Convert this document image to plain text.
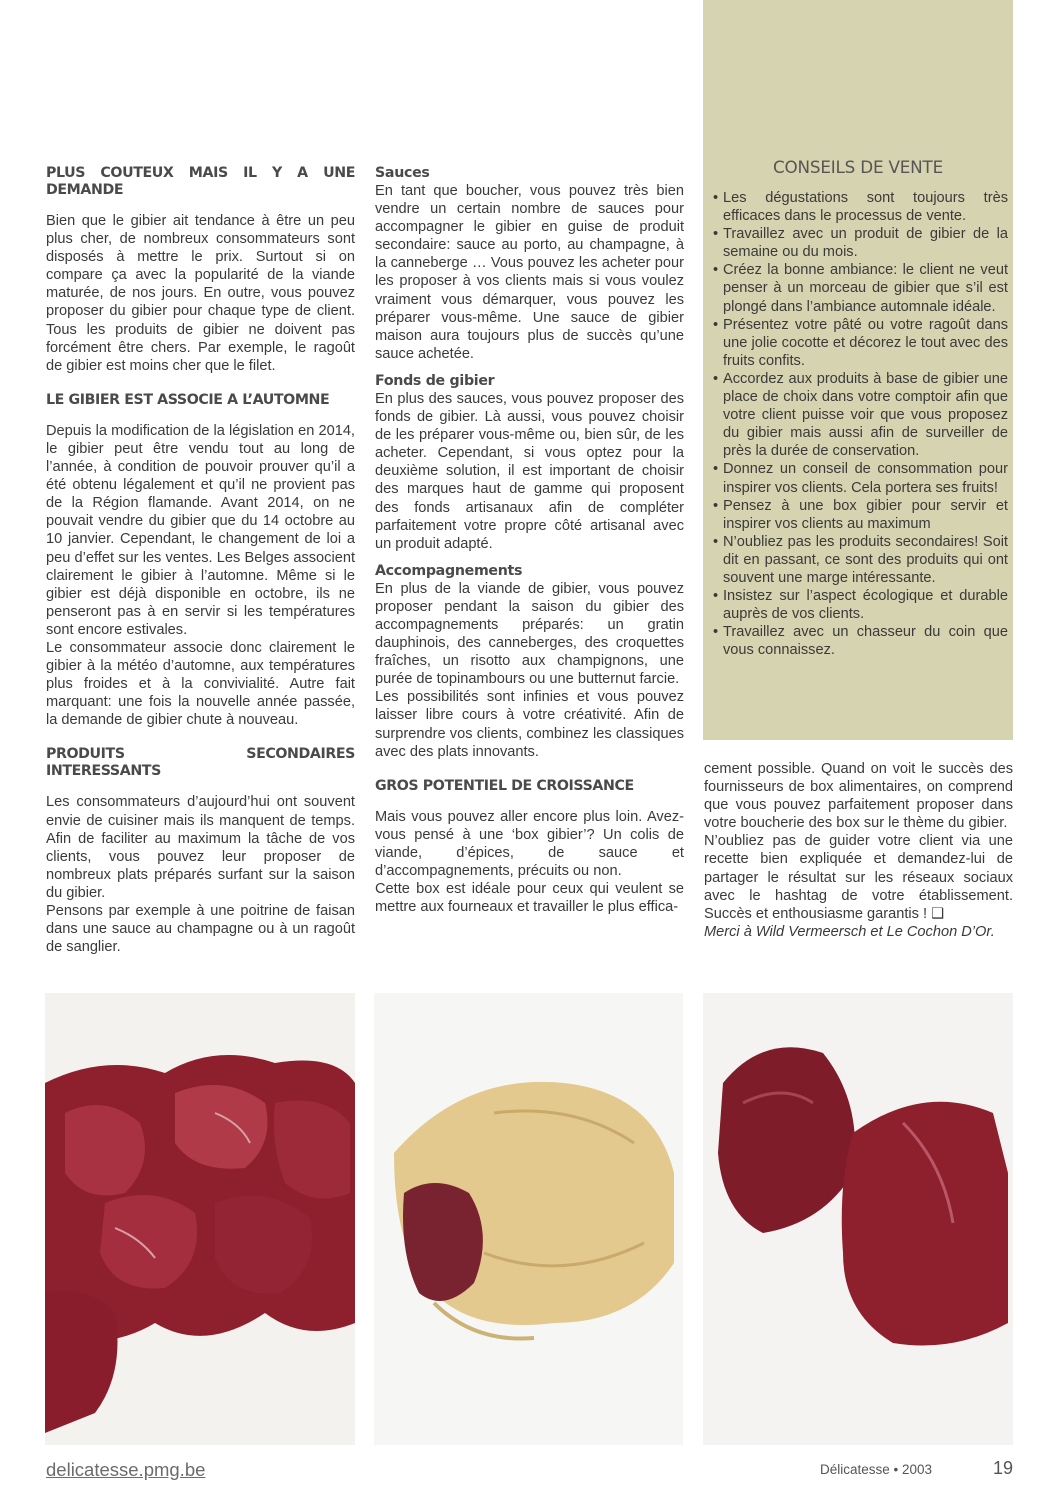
PLUS COUTEUX MAIS IL Y A UNE DEMANDE

Bien que le gibier ait tendance à être un peu plus cher, de nombreux consommateurs sont disposés à mettre le prix. Surtout si on compare ça avec la popularité de la viande maturée, de nos jours. En outre, vous pouvez proposer du gibier pour chaque type de client. Tous les produits de gibier ne doivent pas forcément être chers. Par exemple, le ragoût de gibier est moins cher que le filet.

LE GIBIER EST ASSOCIE A L’AUTOMNE

Depuis la modification de la législation en 2014, le gibier peut être vendu tout au long de l’année, à condition de pouvoir prouver qu’il a été obtenu légalement et qu’il ne provient pas de la Région flamande. Avant 2014, on ne pouvait vendre du gibier que du 14 octobre au 10 janvier. Cependant, le changement de loi a peu d’effet sur les ventes. Les Belges associent clairement le gibier à l’automne. Même si le gibier est déjà disponible en octobre, ils ne penseront pas à en servir si les températures sont encore estivales.

Le consommateur associe donc clairement le gibier à la météo d’automne, aux températures plus froides et à la convivialité. Autre fait marquant: une fois la nouvelle année passée, la demande de gibier chute à nouveau.

PRODUITS SECONDAIRES INTERESSANTS

Les consommateurs d’aujourd’hui ont souvent envie de cuisiner mais ils manquent de temps. Afin de faciliter au maximum la tâche de vos clients, vous pouvez leur proposer de nombreux plats préparés surfant sur la saison du gibier.

Pensons par exemple à une poitrine de faisan dans une sauce au champagne ou à un ragoût de sanglier.

Sauces

En tant que boucher, vous pouvez très bien vendre un certain nombre de sauces pour accompagner le gibier en guise de produit secondaire: sauce au porto, au champagne, à la canneberge … Vous pouvez les acheter pour les proposer à vos clients mais si vous voulez vraiment vous démarquer, vous pouvez les préparer vous-même. Une sauce de gibier maison aura toujours plus de succès qu’une sauce achetée.

Fonds de gibier

En plus des sauces, vous pouvez proposer des fonds de gibier. Là aussi, vous pouvez choisir de les préparer vous-même ou, bien sûr, de les acheter. Cependant, si vous optez pour la deuxième solution, il est important de choisir des marques haut de gamme qui proposent des fonds artisanaux afin de compléter parfaitement votre propre côté artisanal avec un produit adapté.

Accompagnements

En plus de la viande de gibier, vous pouvez proposer pendant la saison du gibier des accompagnements préparés: un gratin dauphinois, des canneberges, des croquettes fraîches, un risotto aux champignons, une purée de topinambours ou une butternut farcie.

Les possibilités sont infinies et vous pouvez laisser libre cours à votre créativité. Afin de surprendre vos clients, combinez les classiques avec des plats innovants.

GROS POTENTIEL DE CROISSANCE

Mais vous pouvez aller encore plus loin. Avez-vous pensé à une ‘box gibier’? Un colis de viande, d’épices, de sauce et d’accompagnements, précuits ou non.

Cette box est idéale pour ceux qui veulent se mettre aux fourneaux et travailler le plus effica-

CONSEILS DE VENTE
• Les dégustations sont toujours très efficaces dans le processus de vente.
• Travaillez avec un produit de gibier de la semaine ou du mois.
• Créez la bonne ambiance: le client ne veut penser à un morceau de gibier que s’il est plongé dans l’ambiance automnale idéale.
• Présentez votre pâté ou votre ragoût dans une jolie cocotte et décorez le tout avec des fruits confits.
• Accordez aux produits à base de gibier une place de choix dans votre comptoir afin que votre client puisse voir que vous proposez du gibier mais aussi afin de surveiller de près la durée de conservation.
• Donnez un conseil de consommation pour inspirer vos clients. Cela portera ses fruits!
• Pensez à une box gibier pour servir et inspirer vos clients au maximum
• N’oubliez pas les produits secondaires! Soit dit en passant, ce sont des produits qui ont souvent une marge intéressante.
• Insistez sur l’aspect écologique et durable auprès de vos clients.
• Travaillez avec un chasseur du coin que vous connaissez.

cement possible. Quand on voit le succès des fournisseurs de box alimentaires, on comprend que vous pouvez parfaitement proposer dans votre boucherie des box sur le thème du gibier.

N’oubliez pas de guider votre client via une recette bien expliquée et demandez-lui de partager le résultat sur les réseaux sociaux avec le hashtag de votre établissement. Succès et enthousiasme garantis ! ❑

Merci à Wild Vermeersch et Le Cochon D’Or.

delicatesse.pmg.be	Délicatesse • 2003	19
